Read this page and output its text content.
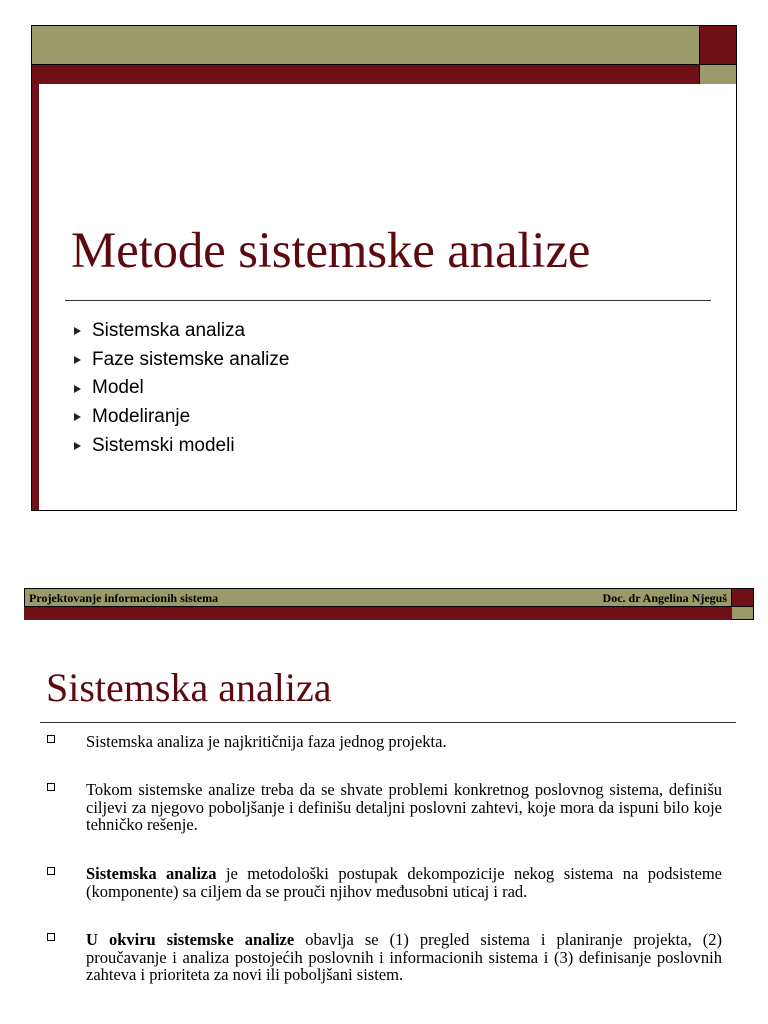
Metode sistemske analize
Sistemska analiza
Faze sistemske analize
Model
Modeliranje
Sistemski modeli
Projektovanje informacionih sistema	Doc. dr Angelina Njeguš
Sistemska analiza
Sistemska analiza je najkritičnija faza jednog projekta.
Tokom sistemske analize treba da se shvate problemi konkretnog poslovnog sistema, definišu ciljevi za njegovo poboljšanje i definišu detaljni poslovni zahtevi, koje mora da ispuni bilo koje tehničko rešenje.
Sistemska analiza je metodološki postupak dekompozicije nekog sistema na podsisteme (komponente) sa ciljem da se prouči njihov međusobni uticaj i rad.
U okviru sistemske analize obavlja se (1) pregled sistema i planiranje projekta, (2) proučavanje i analiza postojećih poslovnih i informacionih sistema i (3) definisanje poslovnih zahteva i prioriteta za novi ili poboljšani sistem.
